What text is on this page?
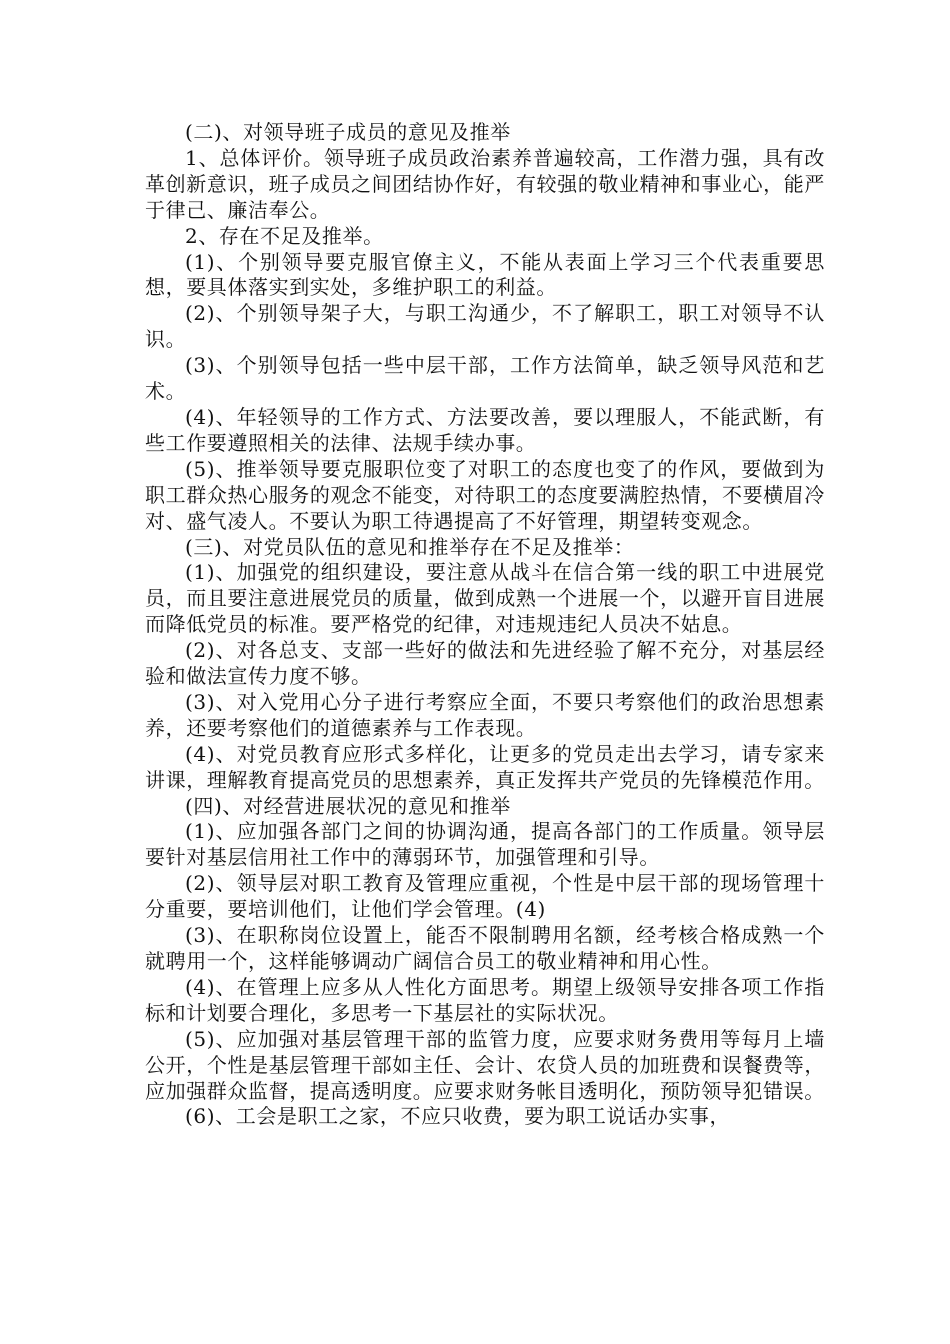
(二)、对领导班子成员的意见及推举

1、总体评价。领导班子成员政治素养普遍较高，工作潜力强，具有改革创新意识，班子成员之间团结协作好，有较强的敬业精神和事业心，能严于律己、廉洁奉公。

2、存在不足及推举。

(1)、个别领导要克服官僚主义，不能从表面上学习三个代表重要思想，要具体落实到实处，多维护职工的利益。

(2)、个别领导架子大，与职工沟通少，不了解职工，职工对领导不认识。

(3)、个别领导包括一些中层干部，工作方法简单，缺乏领导风范和艺术。

(4)、年轻领导的工作方式、方法要改善，要以理服人，不能武断，有些工作要遵照相关的法律、法规手续办事。

(5)、推举领导要克服职位变了对职工的态度也变了的作风，要做到为职工群众热心服务的观念不能变，对待职工的态度要满腔热情，不要横眉冷对、盛气凌人。不要认为职工待遇提高了不好管理，期望转变观念。

(三)、对党员队伍的意见和推举存在不足及推举：

(1)、加强党的组织建设，要注意从战斗在信合第一线的职工中进展党员，而且要注意进展党员的质量，做到成熟一个进展一个，以避开盲目进展而降低党员的标准。要严格党的纪律，对违规违纪人员决不姑息。

(2)、对各总支、支部一些好的做法和先进经验了解不充分，对基层经验和做法宣传力度不够。

(3)、对入党用心分子进行考察应全面，不要只考察他们的政治思想素养，还要考察他们的道德素养与工作表现。

(4)、对党员教育应形式多样化，让更多的党员走出去学习，请专家来讲课，理解教育提高党员的思想素养，真正发挥共产党员的先锋模范作用。

(四)、对经营进展状况的意见和推举

(1)、应加强各部门之间的协调沟通，提高各部门的工作质量。领导层要针对基层信用社工作中的薄弱环节，加强管理和引导。

(2)、领导层对职工教育及管理应重视，个性是中层干部的现场管理十分重要，要培训他们，让他们学会管理。(4)

(3)、在职称岗位设置上，能否不限制聘用名额，经考核合格成熟一个就聘用一个，这样能够调动广阔信合员工的敬业精神和用心性。

(4)、在管理上应多从人性化方面思考。期望上级领导安排各项工作指标和计划要合理化，多思考一下基层社的实际状况。

(5)、应加强对基层管理干部的监管力度，应要求财务费用等每月上墙公开，个性是基层管理干部如主任、会计、农贷人员的加班费和误餐费等，应加强群众监督，提高透明度。应要求财务帐目透明化，预防领导犯错误。

(6)、工会是职工之家，不应只收费，要为职工说话办实事，
